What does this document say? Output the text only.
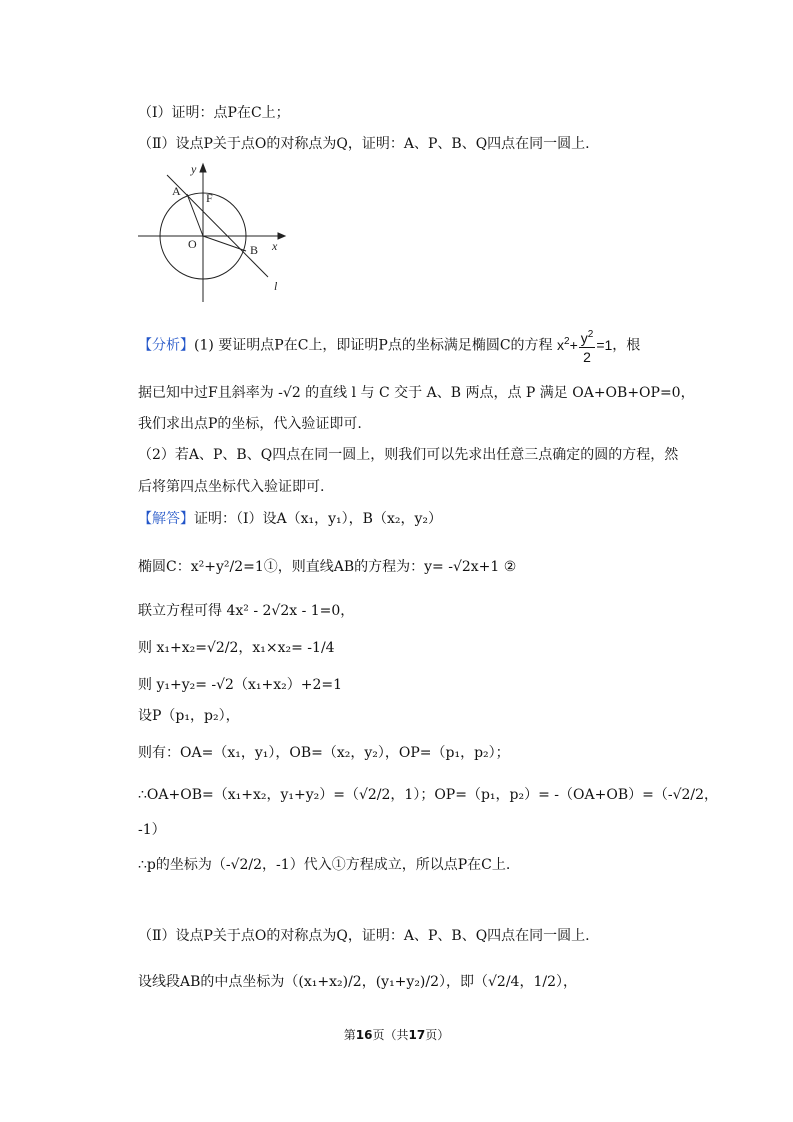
（Ⅰ）证明：点P在C上；
（Ⅱ）设点P关于点O的对称点为Q，证明：A、P、B、Q四点在同一圆上.
y
x
A F
O	B
l
【分析】(1) 要证明点P在C上，即证明P点的坐标满足椭圆C的方程 $x^2+ \frac{y^2}{2} =1$，根
据已知中过F且斜率为 -√2 的直线 l 与 C 交于 A、B 两点，点 P 满足 OA+OB+OP=0，
我们求出点P的坐标，代入验证即可.
（2）若A、P、B、Q四点在同一圆上，则我们可以先求出任意三点确定的圆的方程，然
后将第四点坐标代入验证即可.
【解答】证明：（Ⅰ）设A（x₁，y₁），B（x₂，y₂）
椭圆C：x²+y²/2=1①，则直线AB的方程为：y= -√2x+1 ②
联立方程可得 4x² - 2√2x - 1=0，
则 x₁+x₂=√2/2，x₁×x₂= -1/4
则 y₁+y₂= -√2（x₁+x₂）+2=1
设P（p₁，p₂），
则有：OA=（x₁，y₁），OB=（x₂，y₂），OP=（p₁，p₂）；
∴OA+OB=（x₁+x₂，y₁+y₂）=（√2/2，1）；OP=（p₁，p₂）= -（OA+OB）=（-√2/2，
-1）
∴p的坐标为（-√2/2，-1）代入①方程成立，所以点P在C上.
（Ⅱ）设点P关于点O的对称点为Q，证明：A、P、B、Q四点在同一圆上.
设线段AB的中点坐标为（(x₁+x₂)/2，(y₁+y₂)/2），即（√2/4，1/2），
第16页（共17页）
